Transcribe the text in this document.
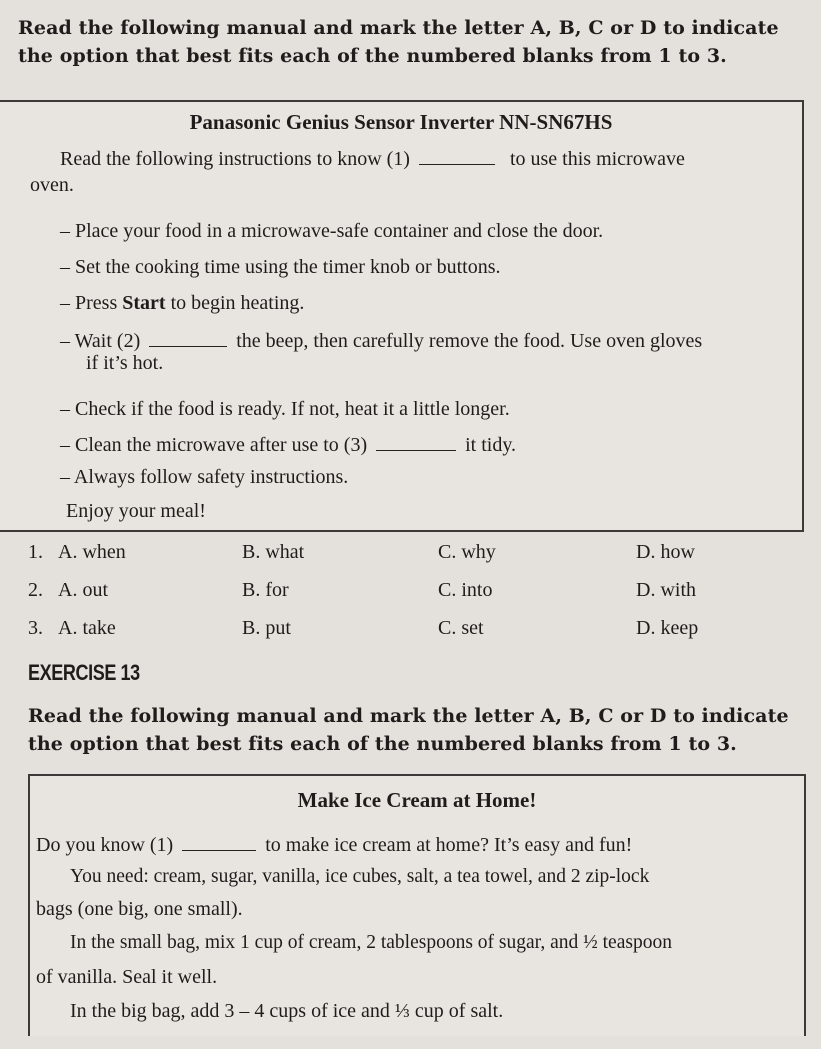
Read the following manual and mark the letter A, B, C or D to indicate the option that best fits each of the numbered blanks from 1 to 3.
Panasonic Genius Sensor Inverter NN-SN67HS
Read the following instructions to know (1)	to use this microwave
oven.
– Place your food in a microwave-safe container and close the door.
– Set the cooking time using the timer knob or buttons.
– Press Start to begin heating.
– Wait (2)	the beep, then carefully remove the food. Use oven gloves
if it’s hot.
– Check if the food is ready. If not, heat it a little longer.
– Clean the microwave after use to (3)	it tidy.
– Always follow safety instructions.
Enjoy your meal!
1. A. when	B. what	C. why	D. how
2. A. out	B. for	C. into	D. with
3. A. take	B. put	C. set	D. keep
EXERCISE 13
Read the following manual and mark the letter A, B, C or D to indicate the option that best fits each of the numbered blanks from 1 to 3.
Make Ice Cream at Home!
Do you know (1)	to make ice cream at home? It’s easy and fun!
You need: cream, sugar, vanilla, ice cubes, salt, a tea towel, and 2 zip-lock
bags (one big, one small).
In the small bag, mix 1 cup of cream, 2 tablespoons of sugar, and ½ teaspoon
of vanilla. Seal it well.
In the big bag, add 3 – 4 cups of ice and ⅓ cup of salt.
